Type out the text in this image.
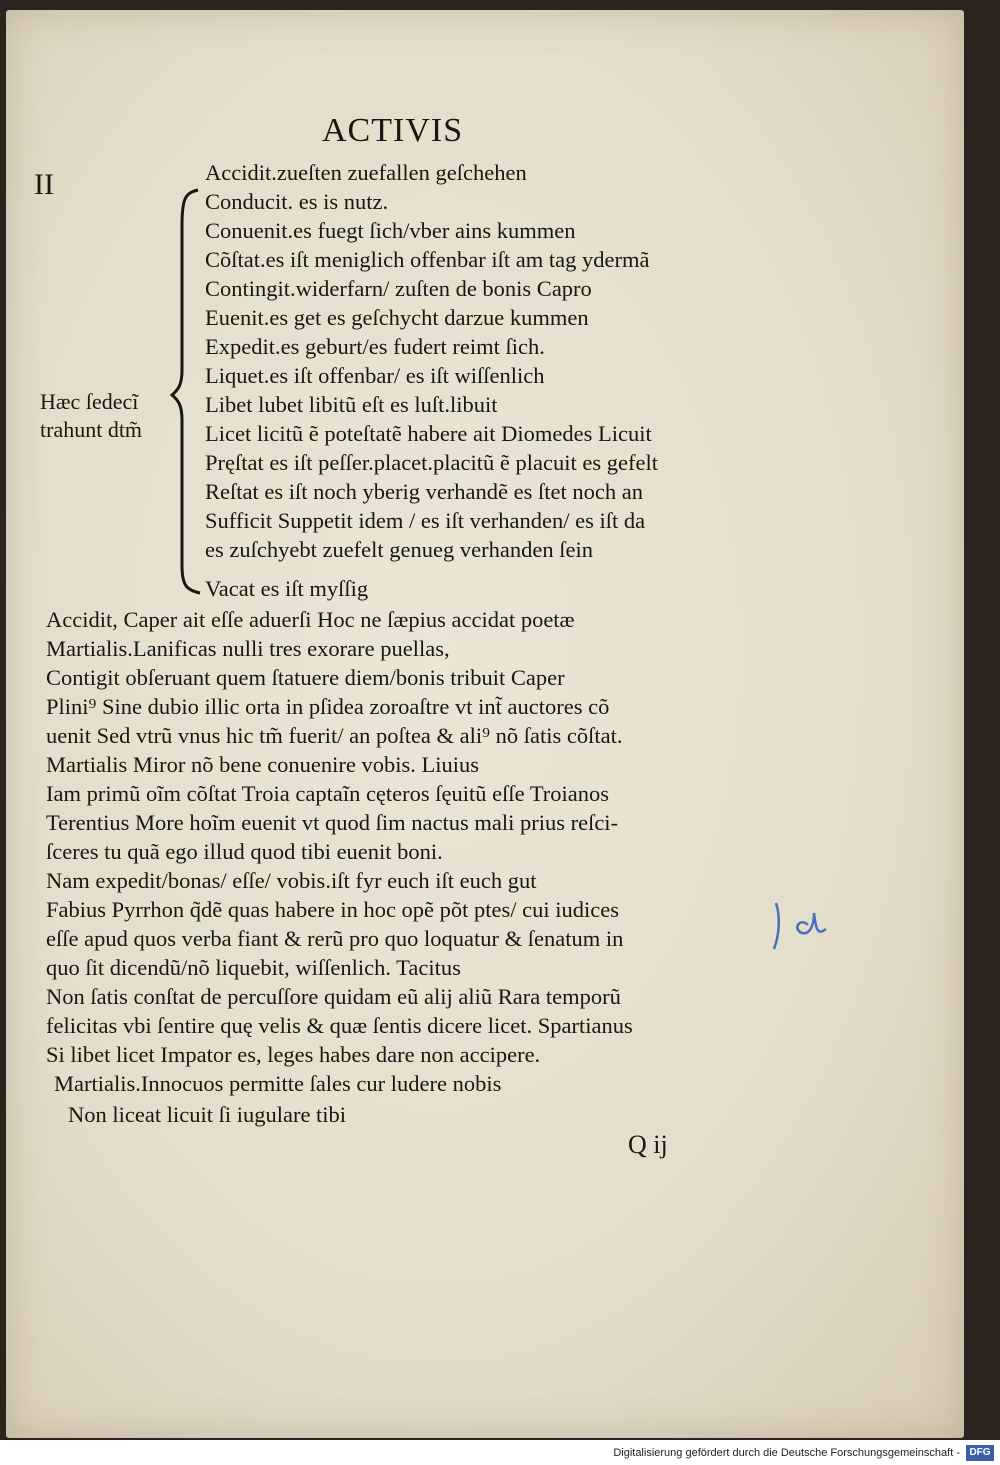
ACTIVIS
II
Hæc ſedecĩ
trahunt dtm̃
Accidit.zueſten zuefallen geſchehen
Conducit. es is nutz.
Conuenit.es fuegt ſich/vber ains kummen
Cõſtat.es iſt meniglich offenbar iſt am tag ydermã
Contingit.widerfarn/ zuſten de bonis Capro
Euenit.es get es geſchycht darzue kummen
Expedit.es geburt/es fudert reimt ſich.
Liquet.es iſt offenbar/ es iſt wiſſenlich
Libet lubet libitũ eſt es luſt.libuit
Licet licitũ ẽ poteſtatẽ habere ait Diomedes Licuit
Pręſtat es iſt peſſer.placet.placitũ ẽ placuit es gefelt
Reſtat es iſt noch yberig verhandẽ es ſtet noch an
Sufficit Suppetit idem / es iſt verhanden/ es iſt da
es zuſchyebt zuefelt genueg verhanden ſein
Vacat es iſt myſſig
Accidit, Caper ait eſſe aduerſi Hoc ne ſæpius accidat poetæ
Martialis.Lanificas nulli tres exorare puellas,
Contigit obſeruant quem ſtatuere diem/bonis tribuit Caper
Plini⁹ Sine dubio illic orta in pſidea zoroaſtre vt int̃ auctores cõ
uenit Sed vtrũ vnus hic tm̃ fuerit/ an poſtea & ali⁹ nõ ſatis cõſtat.
Martialis Miror nõ bene conuenire vobis. Liuius
Iam primũ oĩm cõſtat Troia captaĩn cęteros ſęuitũ eſſe Troianos
Terentius More hoĩm euenit vt quod ſim nactus mali prius reſci-
ſceres tu quã ego illud quod tibi euenit boni.
Nam expedit/bonas/ eſſe/ vobis.iſt fyr euch iſt euch gut
Fabius Pyrrhon q̃dẽ quas habere in hoc opẽ põt ptes/ cui iudices
eſſe apud quos verba fiant & rerũ pro quo loquatur & ſenatum in
quo ſit dicendũ/nõ liquebit, wiſſenlich. Tacitus
Non ſatis conſtat de percuſſore quidam eũ alij aliũ Rara temporũ
felicitas vbi ſentire quę velis & quæ ſentis dicere licet. Spartianus
Si libet licet Impator es, leges habes dare non accipere.
Martialis.Innocuos permitte ſales cur ludere nobis
Non liceat licuit ſi iugulare tibi
Q ij
Digitalisierung gefördert durch die Deutsche Forschungsgemeinschaft - DFG
